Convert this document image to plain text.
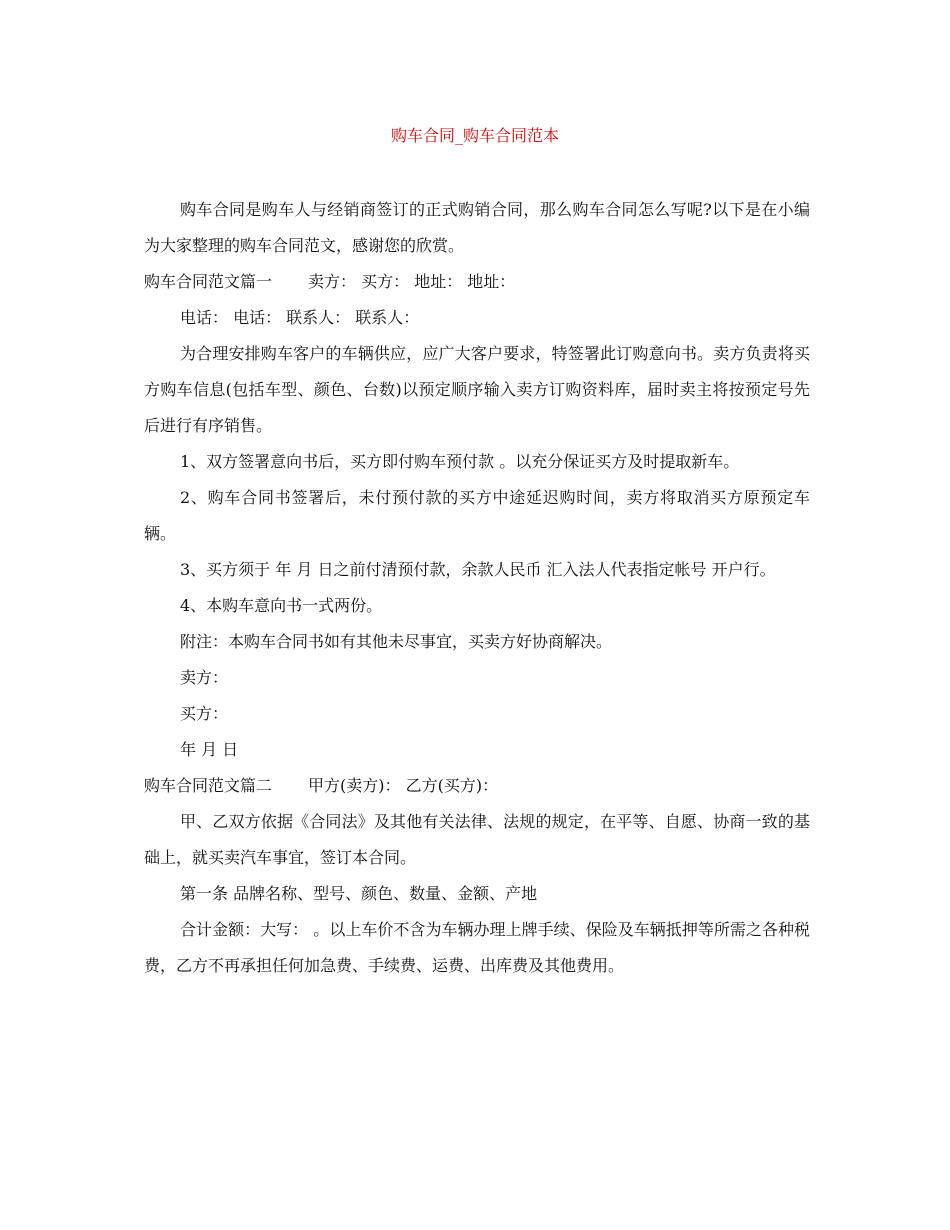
购车合同_购车合同范本

购车合同是购车人与经销商签订的正式购销合同，那么购车合同怎么写呢?以下是在小编为大家整理的购车合同范文，感谢您的欣赏。

购车合同范文篇一 卖方： 买方： 地址： 地址：

电话： 电话： 联系人： 联系人：

为合理安排购车客户的车辆供应，应广大客户要求，特签署此订购意向书。卖方负责将买方购车信息(包括车型、颜色、台数)以预定顺序输入卖方订购资料库，届时卖主将按预定号先后进行有序销售。

1、双方签署意向书后，买方即付购车预付款 。以充分保证买方及时提取新车。

2、购车合同书签署后，未付预付款的买方中途延迟购时间，卖方将取消买方原预定车辆。

3、买方须于 年 月 日之前付清预付款，余款人民币 汇入法人代表指定帐号 开户行。

4、本购车意向书一式两份。

附注：本购车合同书如有其他未尽事宜，买卖方好协商解决。

卖方：

买方：

年 月 日

购车合同范文篇二 甲方(卖方)： 乙方(买方)：

甲、乙双方依据《合同法》及其他有关法律、法规的规定，在平等、自愿、协商一致的基础上，就买卖汽车事宜，签订本合同。

第一条 品牌名称、型号、颜色、数量、金额、产地

合计金额：大写： 。以上车价不含为车辆办理上牌手续、保险及车辆抵押等所需之各种税费，乙方不再承担任何加急费、手续费、运费、出库费及其他费用。
